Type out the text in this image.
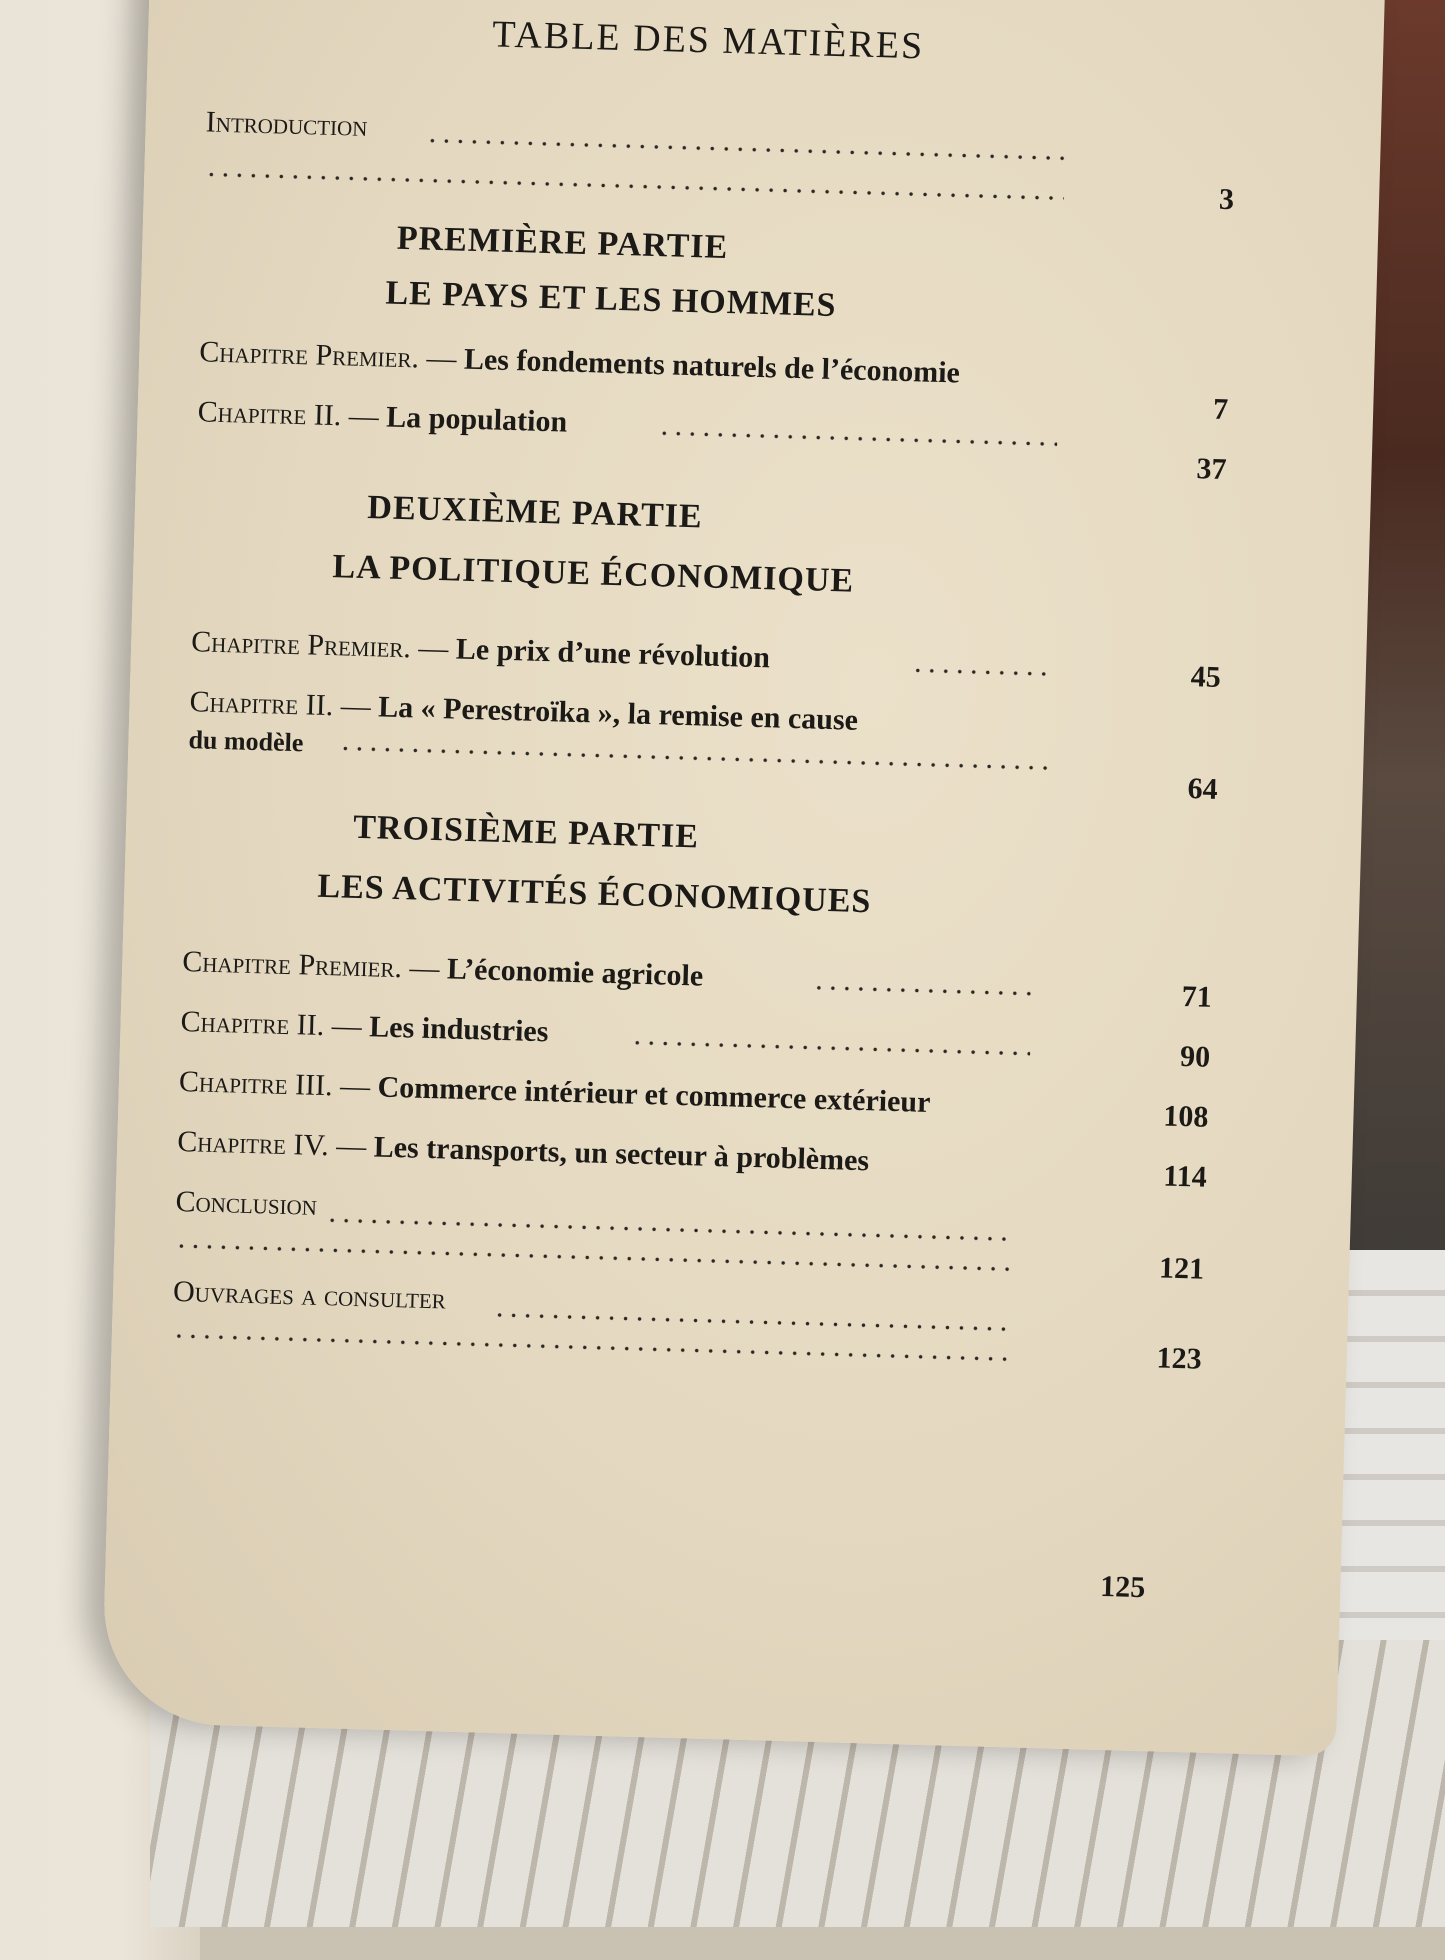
TABLE DES MATIÈRES
Introduction
3
PREMIÈRE PARTIE
LE PAYS ET LES HOMMES
Chapitre Premier. — Les fondements naturels de l’économie
7
Chapitre II. — La population
37
DEUXIÈME PARTIE
LA POLITIQUE ÉCONOMIQUE
Chapitre Premier. — Le prix d’une révolution
45
Chapitre II. — La « Perestroïka », la remise en cause
du modèle
64
TROISIÈME PARTIE
LES ACTIVITÉS ÉCONOMIQUES
Chapitre Premier. — L’économie agricole
71
Chapitre II. — Les industries
90
Chapitre III. — Commerce intérieur et commerce extérieur	108
Chapitre IV. — Les transports, un secteur à problèmes	114
Conclusion
121
Ouvrages a consulter
123
125
